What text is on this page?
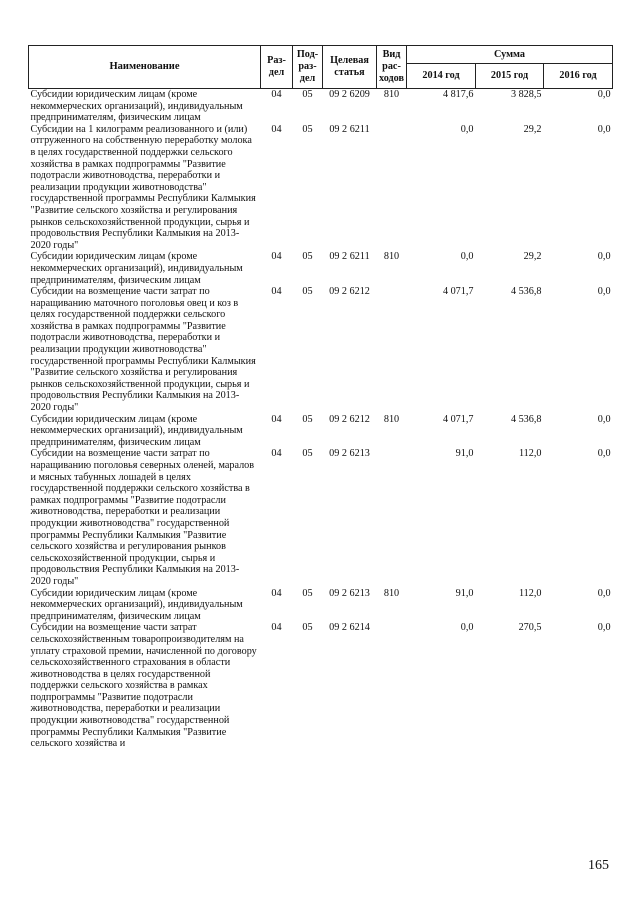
Наименование	Раз-дел	Под-раз-дел	Целевая статья	Вид рас-ходов	Сумма		
					2014 год	2015 год	2016 год
Субсидии юридическим лицам (кроме некоммерческих организаций), индивидуальным предпринимателям, физическим лицам	04	05	09 2 6209	810	4 817,6	3 828,5	0,0
Субсидии на 1 килограмм реализованного и (или) отгруженного на собственную переработку молока в целях государственной поддержки сельского хозяйства в рамках подпрограммы "Развитие подотрасли животноводства, переработки и реализации продукции животноводства" государственной программы Республики Калмыкия "Развитие сельского хозяйства и регулирования рынков сельскохозяйственной продукции, сырья и продовольствия Республики Калмыкия на 2013-2020 годы"	04	05	09 2 6211		0,0	29,2	0,0
Субсидии юридическим лицам (кроме некоммерческих организаций), индивидуальным предпринимателям, физическим лицам	04	05	09 2 6211	810	0,0	29,2	0,0
Субсидии на возмещение части затрат по наращиванию маточного поголовья овец и коз в целях государственной поддержки сельского хозяйства в рамках подпрограммы "Развитие подотрасли животноводства, переработки и реализации продукции животноводства" государственной программы Республики Калмыкия "Развитие сельского хозяйства и регулирования рынков сельскохозяйственной продукции, сырья и продовольствия Республики Калмыкия на 2013-2020 годы"	04	05	09 2 6212		4 071,7	4 536,8	0,0
Субсидии юридическим лицам (кроме некоммерческих организаций), индивидуальным предпринимателям, физическим лицам	04	05	09 2 6212	810	4 071,7	4 536,8	0,0
Субсидии на возмещение части затрат по наращиванию поголовья северных оленей, маралов и мясных табунных лошадей в целях государственной поддержки сельского хозяйства в рамках подпрограммы "Развитие подотрасли животноводства, переработки и реализации продукции животноводства" государственной программы Республики Калмыкия "Развитие сельского хозяйства и регулирования рынков сельскохозяйственной продукции, сырья и продовольствия Республики Калмыкия на 2013-2020 годы"	04	05	09 2 6213		91,0	112,0	0,0
Субсидии юридическим лицам (кроме некоммерческих организаций), индивидуальным предпринимателям, физическим лицам	04	05	09 2 6213	810	91,0	112,0	0,0
Субсидии на возмещение части затрат сельскохозяйственным товаропроизводителям на уплату страховой премии, начисленной по договору сельскохозяйственного страхования в области животноводства в целях государственной поддержки сельского хозяйства в рамках подпрограммы "Развитие подотрасли животноводства, переработки и реализации продукции животноводства" государственной программы Республики Калмыкия "Развитие сельского хозяйства и	04	05	09 2 6214		0,0	270,5	0,0
165
